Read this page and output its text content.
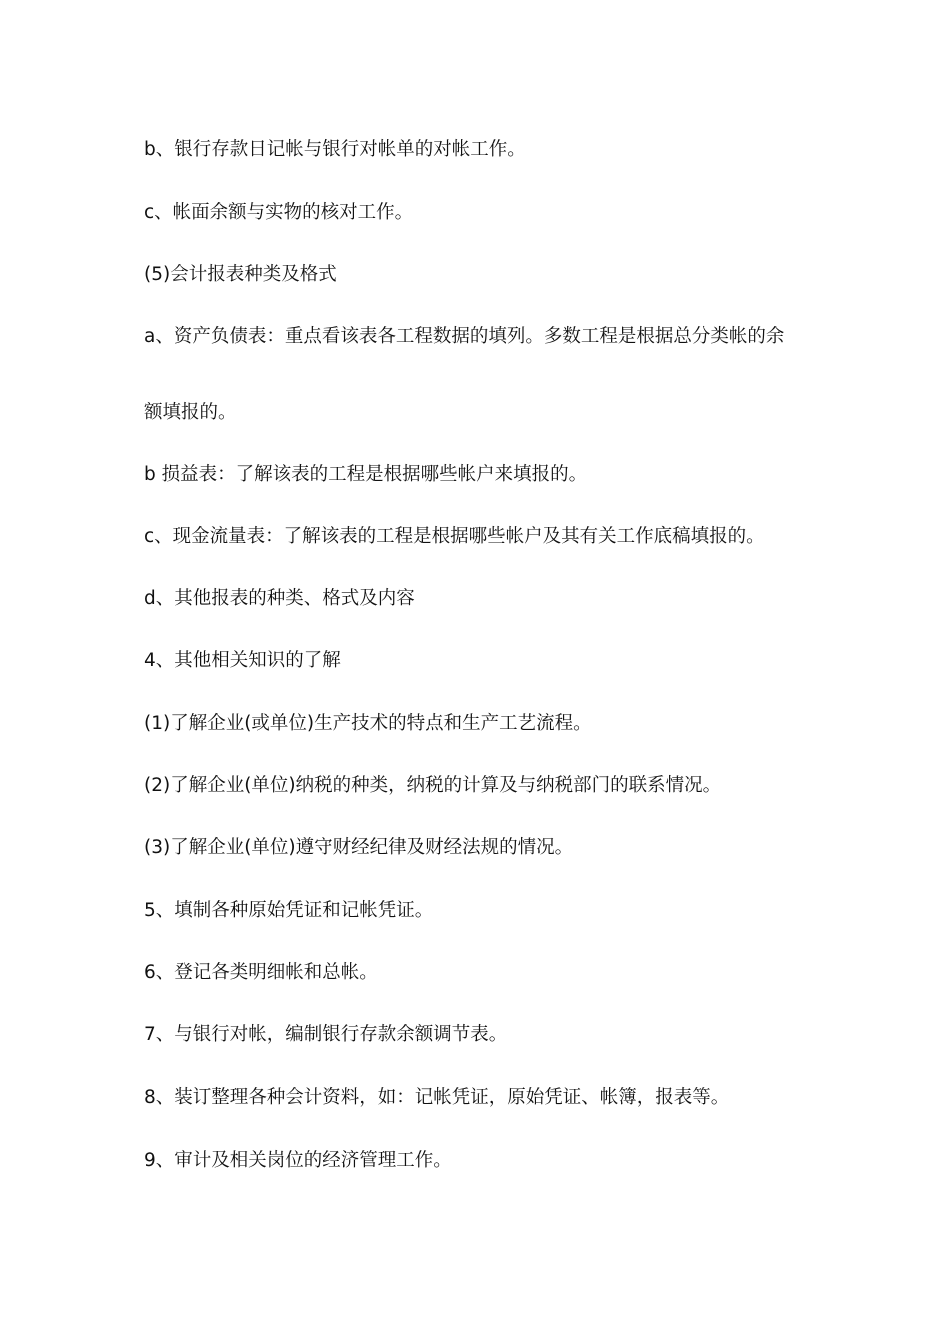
b、银行存款日记帐与银行对帐单的对帐工作。
c、帐面余额与实物的核对工作。
(5)会计报表种类及格式
a、资产负债表：重点看该表各工程数据的填列。多数工程是根据总分类帐的余
额填报的。
b 损益表：了解该表的工程是根据哪些帐户来填报的。
c、现金流量表：了解该表的工程是根据哪些帐户及其有关工作底稿填报的。
d、其他报表的种类、格式及内容
4、其他相关知识的了解
(1)了解企业(或单位)生产技术的特点和生产工艺流程。
(2)了解企业(单位)纳税的种类，纳税的计算及与纳税部门的联系情况。
(3)了解企业(单位)遵守财经纪律及财经法规的情况。
5、填制各种原始凭证和记帐凭证。
6、登记各类明细帐和总帐。
7、与银行对帐，编制银行存款余额调节表。
8、装订整理各种会计资料，如：记帐凭证，原始凭证、帐簿，报表等。
9、审计及相关岗位的经济管理工作。
